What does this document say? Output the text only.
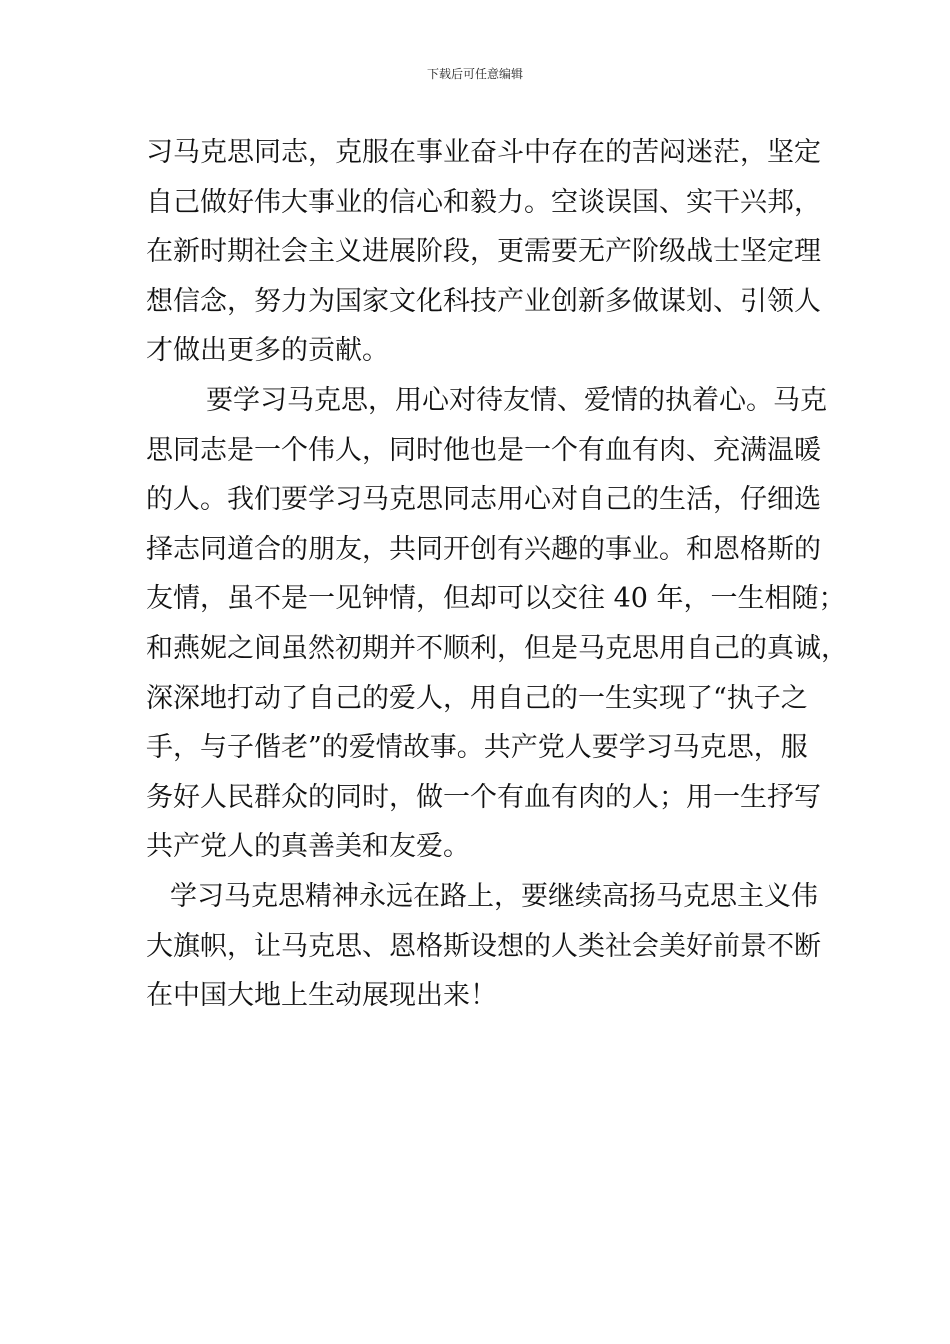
下载后可任意编辑
习马克思同志，克服在事业奋斗中存在的苦闷迷茫，坚定
自己做好伟大事业的信心和毅力。空谈误国、实干兴邦，
在新时期社会主义进展阶段，更需要无产阶级战士坚定理
想信念，努力为国家文化科技产业创新多做谋划、引领人
才做出更多的贡献。
要学习马克思，用心对待友情、爱情的执着心。马克
思同志是一个伟人，同时他也是一个有血有肉、充满温暖
的人。我们要学习马克思同志用心对自己的生活，仔细选
择志同道合的朋友，共同开创有兴趣的事业。和恩格斯的
友情，虽不是一见钟情，但却可以交往 40 年，一生相随；
和燕妮之间虽然初期并不顺利，但是马克思用自己的真诚，
深深地打动了自己的爱人，用自己的一生实现了“执子之
手，与子偕老”的爱情故事。共产党人要学习马克思，服
务好人民群众的同时，做一个有血有肉的人；用一生抒写
共产党人的真善美和友爱。
学习马克思精神永远在路上，要继续高扬马克思主义伟
大旗帜，让马克思、恩格斯设想的人类社会美好前景不断
在中国大地上生动展现出来！
